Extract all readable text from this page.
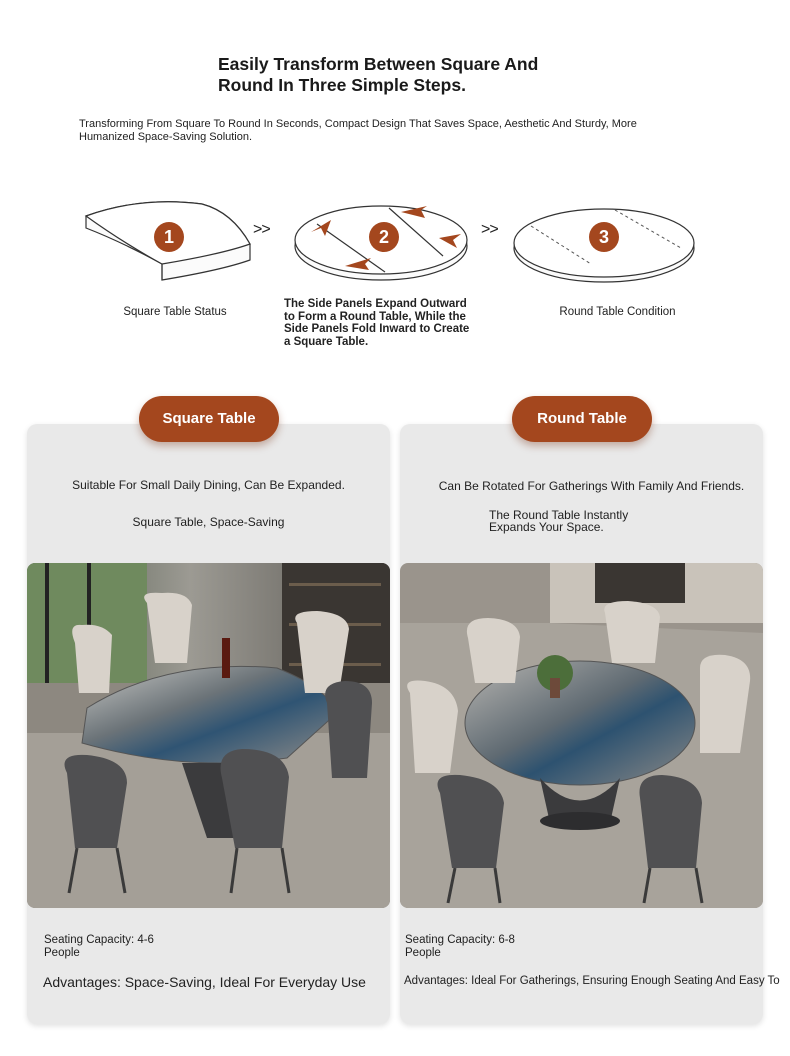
Easily Transform Between Square And
Round In Three Simple Steps.
Transforming From Square To Round In Seconds, Compact Design That Saves Space, Aesthetic And Sturdy, More
Humanized Space-Saving Solution.
1	>>	2	>>	3
Square Table Status
The Side Panels Expand Outward
to Form a Round Table, While the
Side Panels Fold Inward to Create
a Square Table.
Round Table Condition
Square Table
Suitable For Small Daily Dining, Can Be Expanded.
Square Table, Space-Saving
Seating Capacity: 4-6
People
Advantages: Space-Saving, Ideal For Everyday Use
Round Table
Can Be Rotated For Gatherings With Family And Friends.
The Round Table Instantly
Expands Your Space.
Seating Capacity: 6-8
People
Advantages: Ideal For Gatherings, Ensuring Enough Seating And Easy To
